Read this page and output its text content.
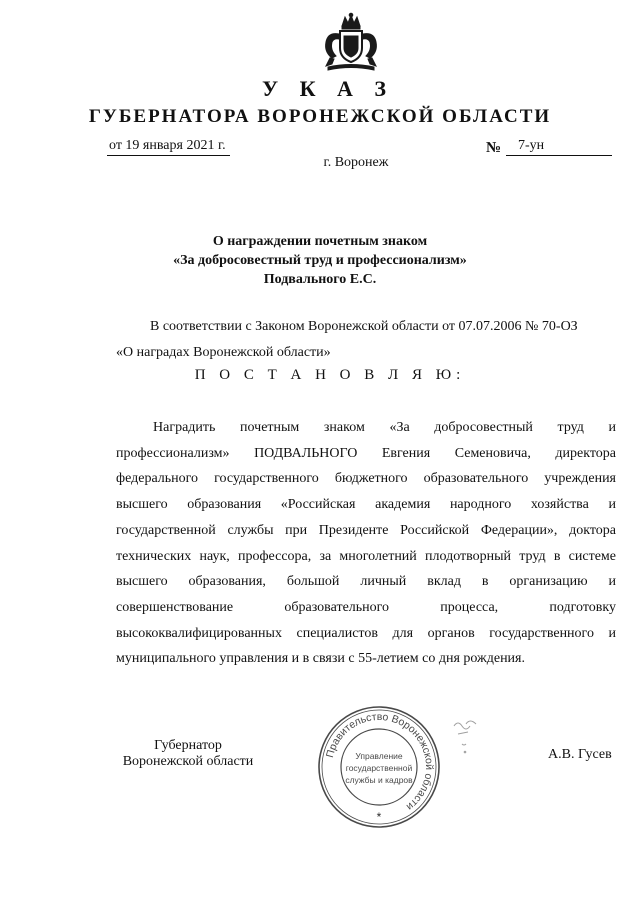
У К А З
ГУБЕРНАТОРА ВОРОНЕЖСКОЙ ОБЛАСТИ
от 19 января 2021 г.	№	7-ун
г. Воронеж
О награждении почетным знаком
«За добросовестный труд и профессионализм»
Подвального Е.С.
В соответствии с Законом Воронежской области от 07.07.2006 № 70-ОЗ
«О наградах Воронежской области»
П О С Т А Н О В Л Я Ю:
Наградить почетным знаком «За добросовестный труд и
профессионализм» ПОДВАЛЬНОГО Евгения Семеновича, директора
федерального государственного бюджетного образовательного учреждения
высшего образования «Российская академия народного хозяйства и
государственной службы при Президенте Российской Федерации», доктора
технических наук, профессора, за многолетний плодотворный труд в системе
высшего образования, большой личный вклад в организацию и
совершенствование образовательного процесса, подготовку
высококвалифицированных специалистов для органов государственного и
муниципального управления и в связи с 55-летием со дня рождения.
Губернатор
Воронежской области	А.В. Гусев
Правительство Воронежской области
Управление
государственной
службы и кадров
*
